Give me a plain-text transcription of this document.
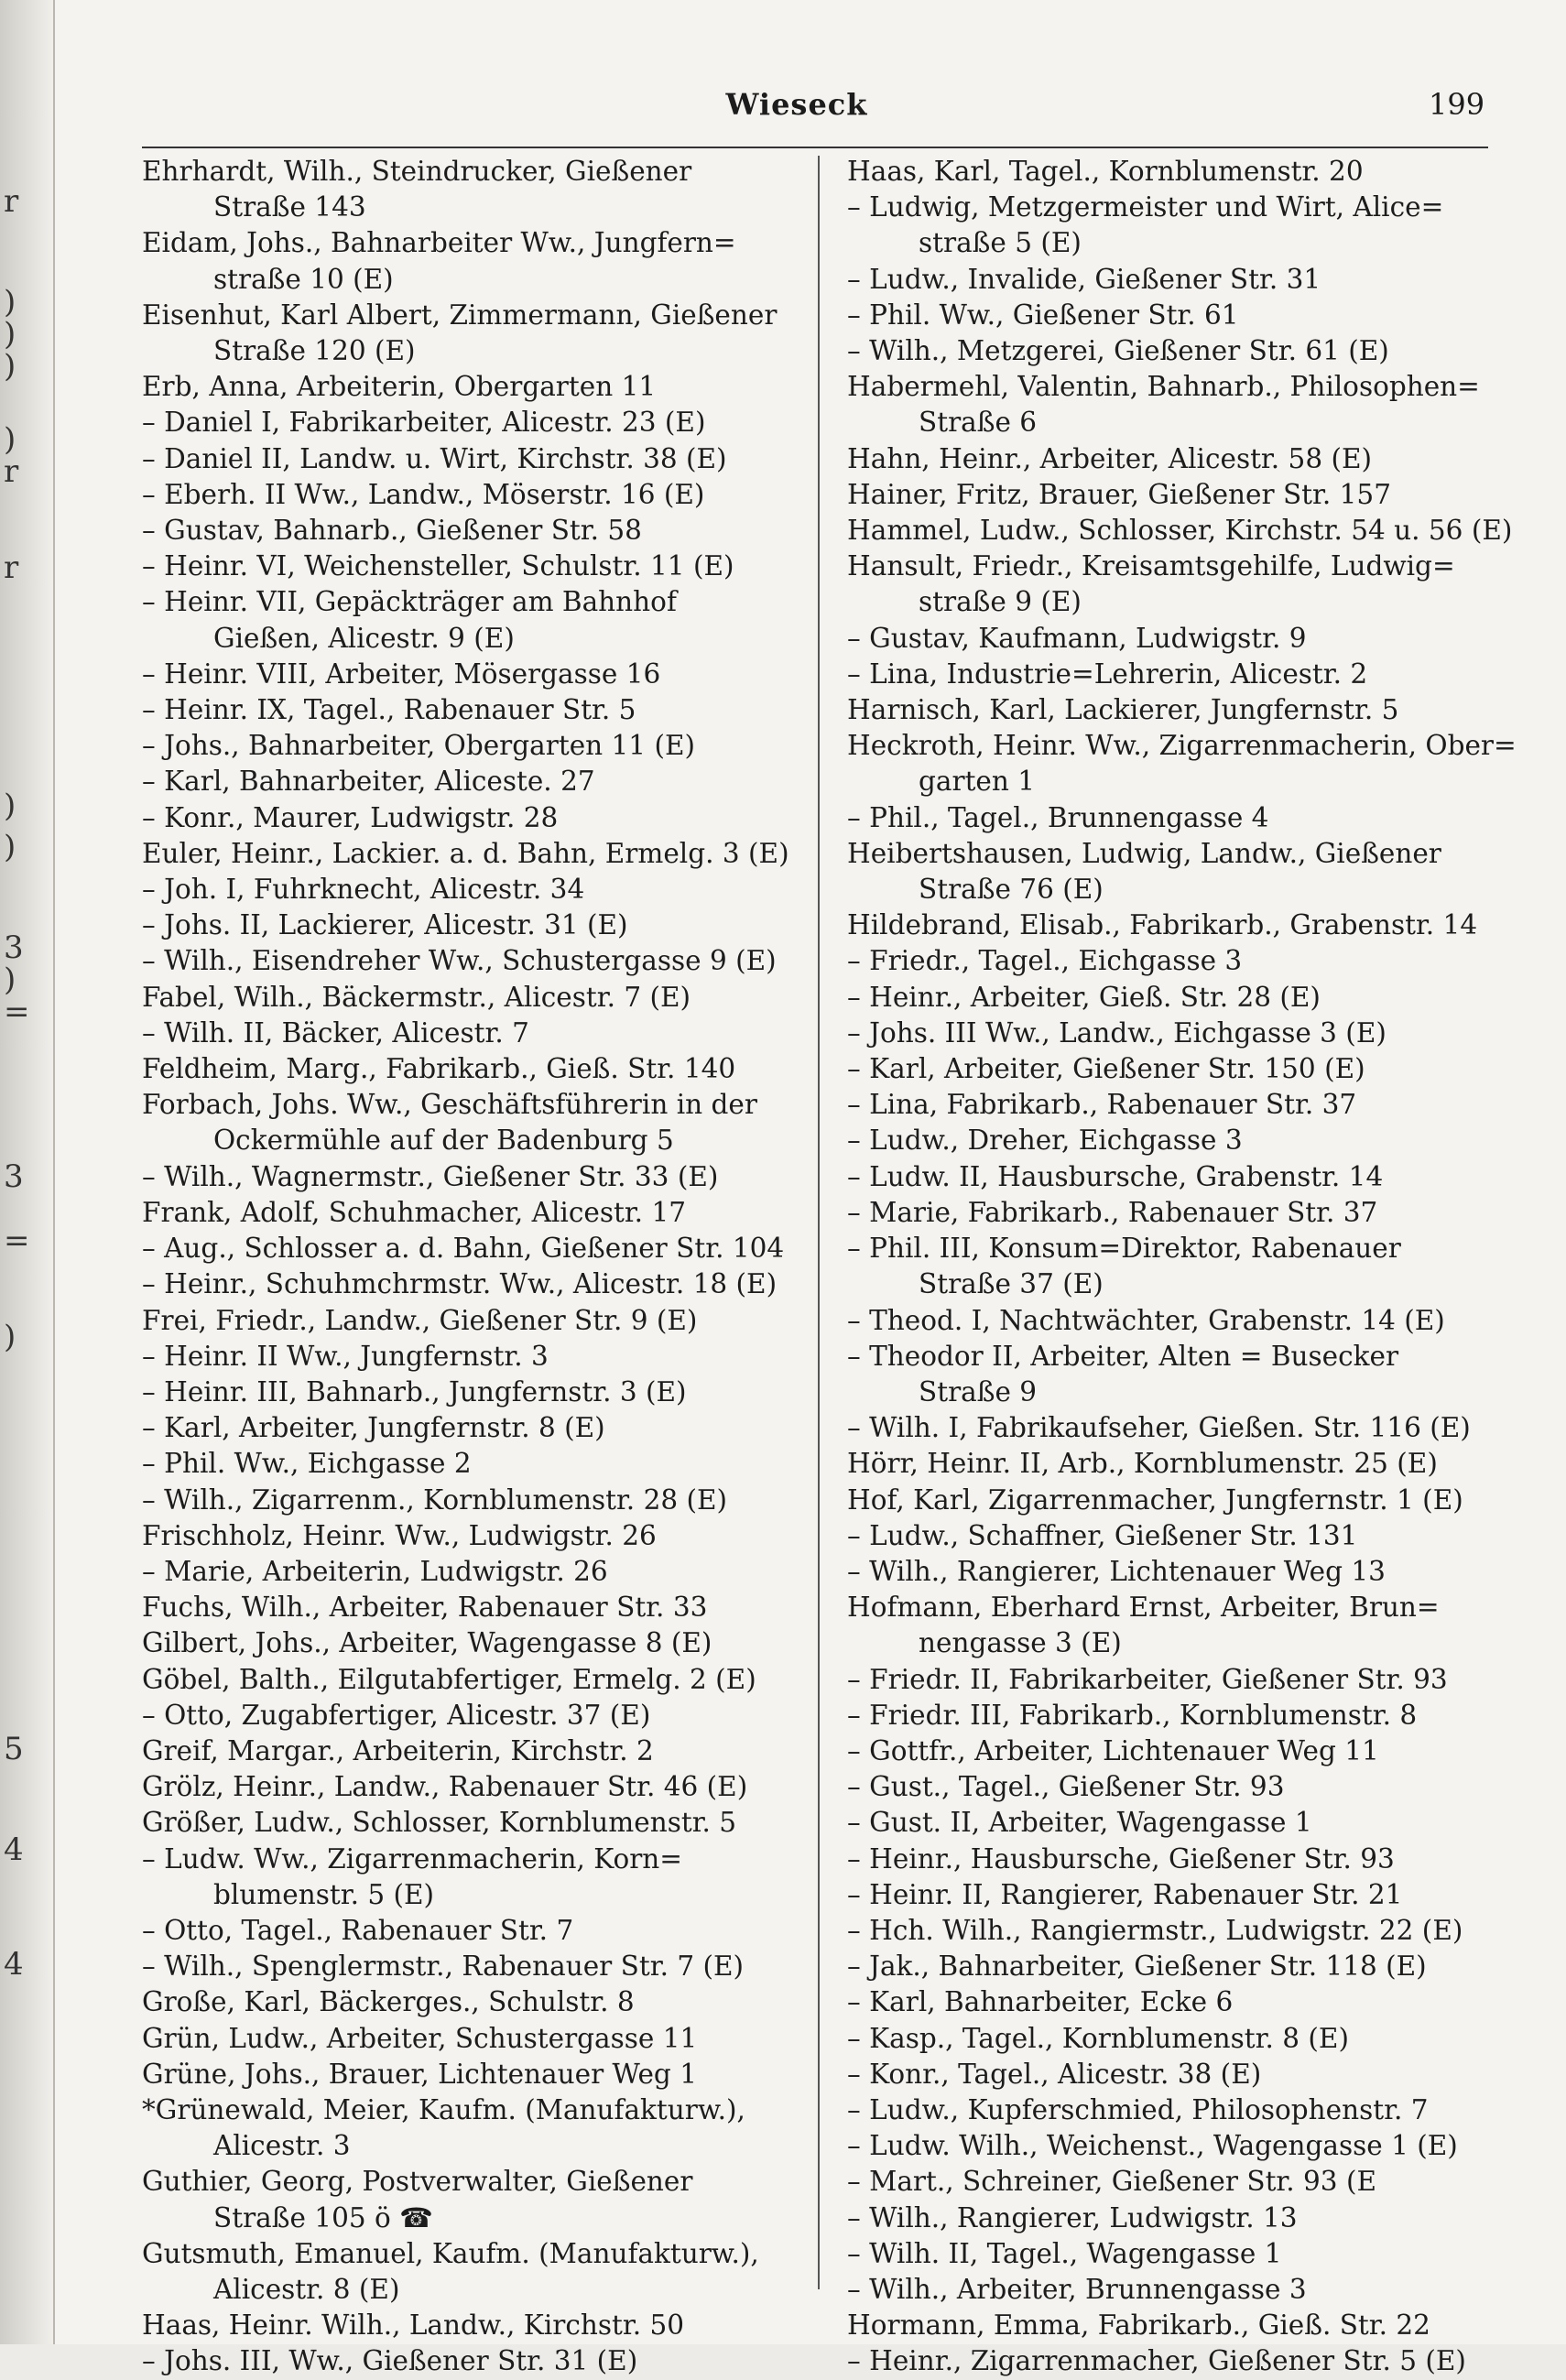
r
)
)
)
)
r
r
)
)
3
)
=
3
=
)
5
4
4
Wieseck	199
Ehrhardt, Wilh., Steindrucker, Gießener
Straße 143
Eidam, Johs., Bahnarbeiter Ww., Jungfern=
straße 10 (E)
Eisenhut, Karl Albert, Zimmermann, Gießener
Straße 120 (E)
Erb, Anna, Arbeiterin, Obergarten 11
– Daniel I, Fabrikarbeiter, Alicestr. 23 (E)
– Daniel II, Landw. u. Wirt, Kirchstr. 38 (E)
– Eberh. II Ww., Landw., Möserstr. 16 (E)
– Gustav, Bahnarb., Gießener Str. 58
– Heinr. VI, Weichensteller, Schulstr. 11 (E)
– Heinr. VII, Gepäckträger am Bahnhof
Gießen, Alicestr. 9 (E)
– Heinr. VIII, Arbeiter, Mösergasse 16
– Heinr. IX, Tagel., Rabenauer Str. 5
– Johs., Bahnarbeiter, Obergarten 11 (E)
– Karl, Bahnarbeiter, Aliceste. 27
– Konr., Maurer, Ludwigstr. 28
Euler, Heinr., Lackier. a. d. Bahn, Ermelg. 3 (E)
– Joh. I, Fuhrknecht, Alicestr. 34
– Johs. II, Lackierer, Alicestr. 31 (E)
– Wilh., Eisendreher Ww., Schustergasse 9 (E)
Fabel, Wilh., Bäckermstr., Alicestr. 7 (E)
– Wilh. II, Bäcker, Alicestr. 7
Feldheim, Marg., Fabrikarb., Gieß. Str. 140
Forbach, Johs. Ww., Geschäftsführerin in der
Ockermühle auf der Badenburg 5
– Wilh., Wagnermstr., Gießener Str. 33 (E)
Frank, Adolf, Schuhmacher, Alicestr. 17
– Aug., Schlosser a. d. Bahn, Gießener Str. 104
– Heinr., Schuhmchrmstr. Ww., Alicestr. 18 (E)
Frei, Friedr., Landw., Gießener Str. 9 (E)
– Heinr. II Ww., Jungfernstr. 3
– Heinr. III, Bahnarb., Jungfernstr. 3 (E)
– Karl, Arbeiter, Jungfernstr. 8 (E)
– Phil. Ww., Eichgasse 2
– Wilh., Zigarrenm., Kornblumenstr. 28 (E)
Frischholz, Heinr. Ww., Ludwigstr. 26
– Marie, Arbeiterin, Ludwigstr. 26
Fuchs, Wilh., Arbeiter, Rabenauer Str. 33
Gilbert, Johs., Arbeiter, Wagengasse 8 (E)
Göbel, Balth., Eilgutabfertiger, Ermelg. 2 (E)
– Otto, Zugabfertiger, Alicestr. 37 (E)
Greif, Margar., Arbeiterin, Kirchstr. 2
Grölz, Heinr., Landw., Rabenauer Str. 46 (E)
Größer, Ludw., Schlosser, Kornblumenstr. 5
– Ludw. Ww., Zigarrenmacherin, Korn=
blumenstr. 5 (E)
– Otto, Tagel., Rabenauer Str. 7
– Wilh., Spenglermstr., Rabenauer Str. 7 (E)
Große, Karl, Bäckerges., Schulstr. 8
Grün, Ludw., Arbeiter, Schustergasse 11
Grüne, Johs., Brauer, Lichtenauer Weg 1
*Grünewald, Meier, Kaufm. (Manufakturw.),
Alicestr. 3
Guthier, Georg, Postverwalter, Gießener
Straße 105 ö ☎
Gutsmuth, Emanuel, Kaufm. (Manufakturw.),
Alicestr. 8 (E)
Haas, Heinr. Wilh., Landw., Kirchstr. 50
– Johs. III, Ww., Gießener Str. 31 (E)
Haas, Karl, Tagel., Kornblumenstr. 20
– Ludwig, Metzgermeister und Wirt, Alice=
straße 5 (E)
– Ludw., Invalide, Gießener Str. 31
– Phil. Ww., Gießener Str. 61
– Wilh., Metzgerei, Gießener Str. 61 (E)
Habermehl, Valentin, Bahnarb., Philosophen=
Straße 6
Hahn, Heinr., Arbeiter, Alicestr. 58 (E)
Hainer, Fritz, Brauer, Gießener Str. 157
Hammel, Ludw., Schlosser, Kirchstr. 54 u. 56 (E)
Hansult, Friedr., Kreisamtsgehilfe, Ludwig=
straße 9 (E)
– Gustav, Kaufmann, Ludwigstr. 9
– Lina, Industrie=Lehrerin, Alicestr. 2
Harnisch, Karl, Lackierer, Jungfernstr. 5
Heckroth, Heinr. Ww., Zigarrenmacherin, Ober=
garten 1
– Phil., Tagel., Brunnengasse 4
Heibertshausen, Ludwig, Landw., Gießener
Straße 76 (E)
Hildebrand, Elisab., Fabrikarb., Grabenstr. 14
– Friedr., Tagel., Eichgasse 3
– Heinr., Arbeiter, Gieß. Str. 28 (E)
– Johs. III Ww., Landw., Eichgasse 3 (E)
– Karl, Arbeiter, Gießener Str. 150 (E)
– Lina, Fabrikarb., Rabenauer Str. 37
– Ludw., Dreher, Eichgasse 3
– Ludw. II, Hausbursche, Grabenstr. 14
– Marie, Fabrikarb., Rabenauer Str. 37
– Phil. III, Konsum=Direktor, Rabenauer
Straße 37 (E)
– Theod. I, Nachtwächter, Grabenstr. 14 (E)
– Theodor II, Arbeiter, Alten = Busecker
Straße 9
– Wilh. I, Fabrikaufseher, Gießen. Str. 116 (E)
Hörr, Heinr. II, Arb., Kornblumenstr. 25 (E)
Hof, Karl, Zigarrenmacher, Jungfernstr. 1 (E)
– Ludw., Schaffner, Gießener Str. 131
– Wilh., Rangierer, Lichtenauer Weg 13
Hofmann, Eberhard Ernst, Arbeiter, Brun=
nengasse 3 (E)
– Friedr. II, Fabrikarbeiter, Gießener Str. 93
– Friedr. III, Fabrikarb., Kornblumenstr. 8
– Gottfr., Arbeiter, Lichtenauer Weg 11
– Gust., Tagel., Gießener Str. 93
– Gust. II, Arbeiter, Wagengasse 1
– Heinr., Hausbursche, Gießener Str. 93
– Heinr. II, Rangierer, Rabenauer Str. 21
– Hch. Wilh., Rangiermstr., Ludwigstr. 22 (E)
– Jak., Bahnarbeiter, Gießener Str. 118 (E)
– Karl, Bahnarbeiter, Ecke 6
– Kasp., Tagel., Kornblumenstr. 8 (E)
– Konr., Tagel., Alicestr. 38 (E)
– Ludw., Kupferschmied, Philosophenstr. 7
– Ludw. Wilh., Weichenst., Wagengasse 1 (E)
– Mart., Schreiner, Gießener Str. 93 (E
– Wilh., Rangierer, Ludwigstr. 13
– Wilh. II, Tagel., Wagengasse 1
– Wilh., Arbeiter, Brunnengasse 3
Hormann, Emma, Fabrikarb., Gieß. Str. 22
– Heinr., Zigarrenmacher, Gießener Str. 5 (E)
